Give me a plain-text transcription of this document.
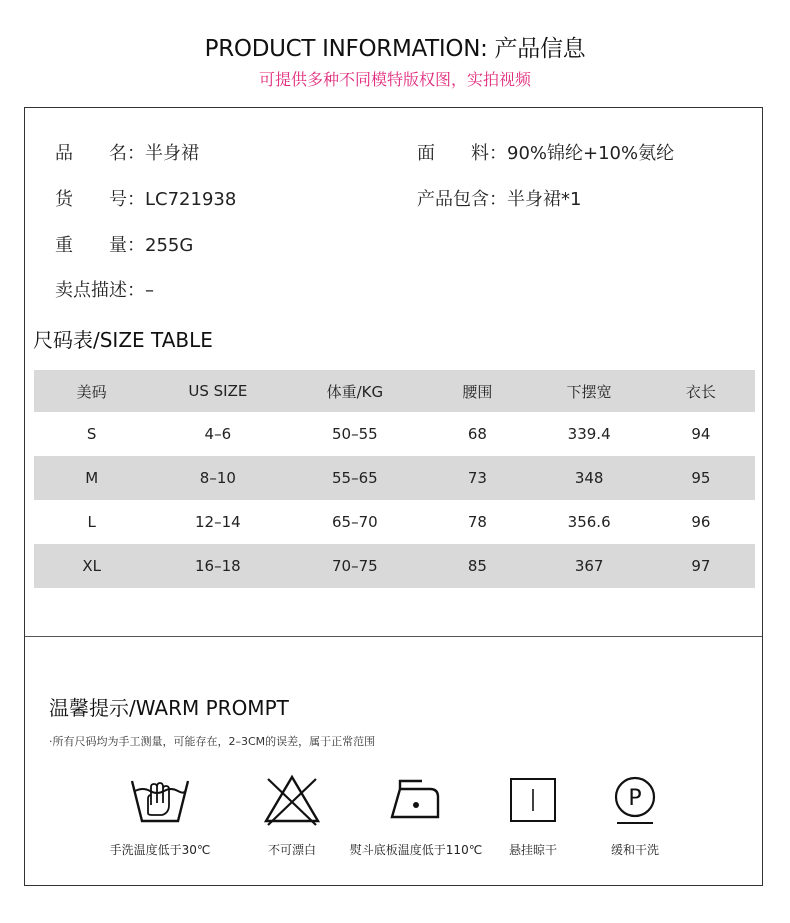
PRODUCT INFORMATION: 产品信息
可提供多种不同模特版权图，实拍视频
品　　名：半身裙	面　　料：90%锦纶+10%氨纶
货　　号：LC721938	产品包含：半身裙*1
重　　量：255G
卖点描述：–
尺码表/SIZE TABLE
美码	US SIZE	体重/KG	腰围	下摆宽	衣长
S	4–6	50–55	68	339.4	94
M	8–10	55–65	73	348	95
L	12–14	65–70	78	356.6	96
XL	16–18	70–75	85	367	97
温馨提示/WARM PROMPT
·所有尺码均为手工测量，可能存在，2–3CM的误差，属于正常范围
手洗温度低于30℃	不可漂白	熨斗底板温度低于110℃	悬挂晾干
P
缓和干洗
